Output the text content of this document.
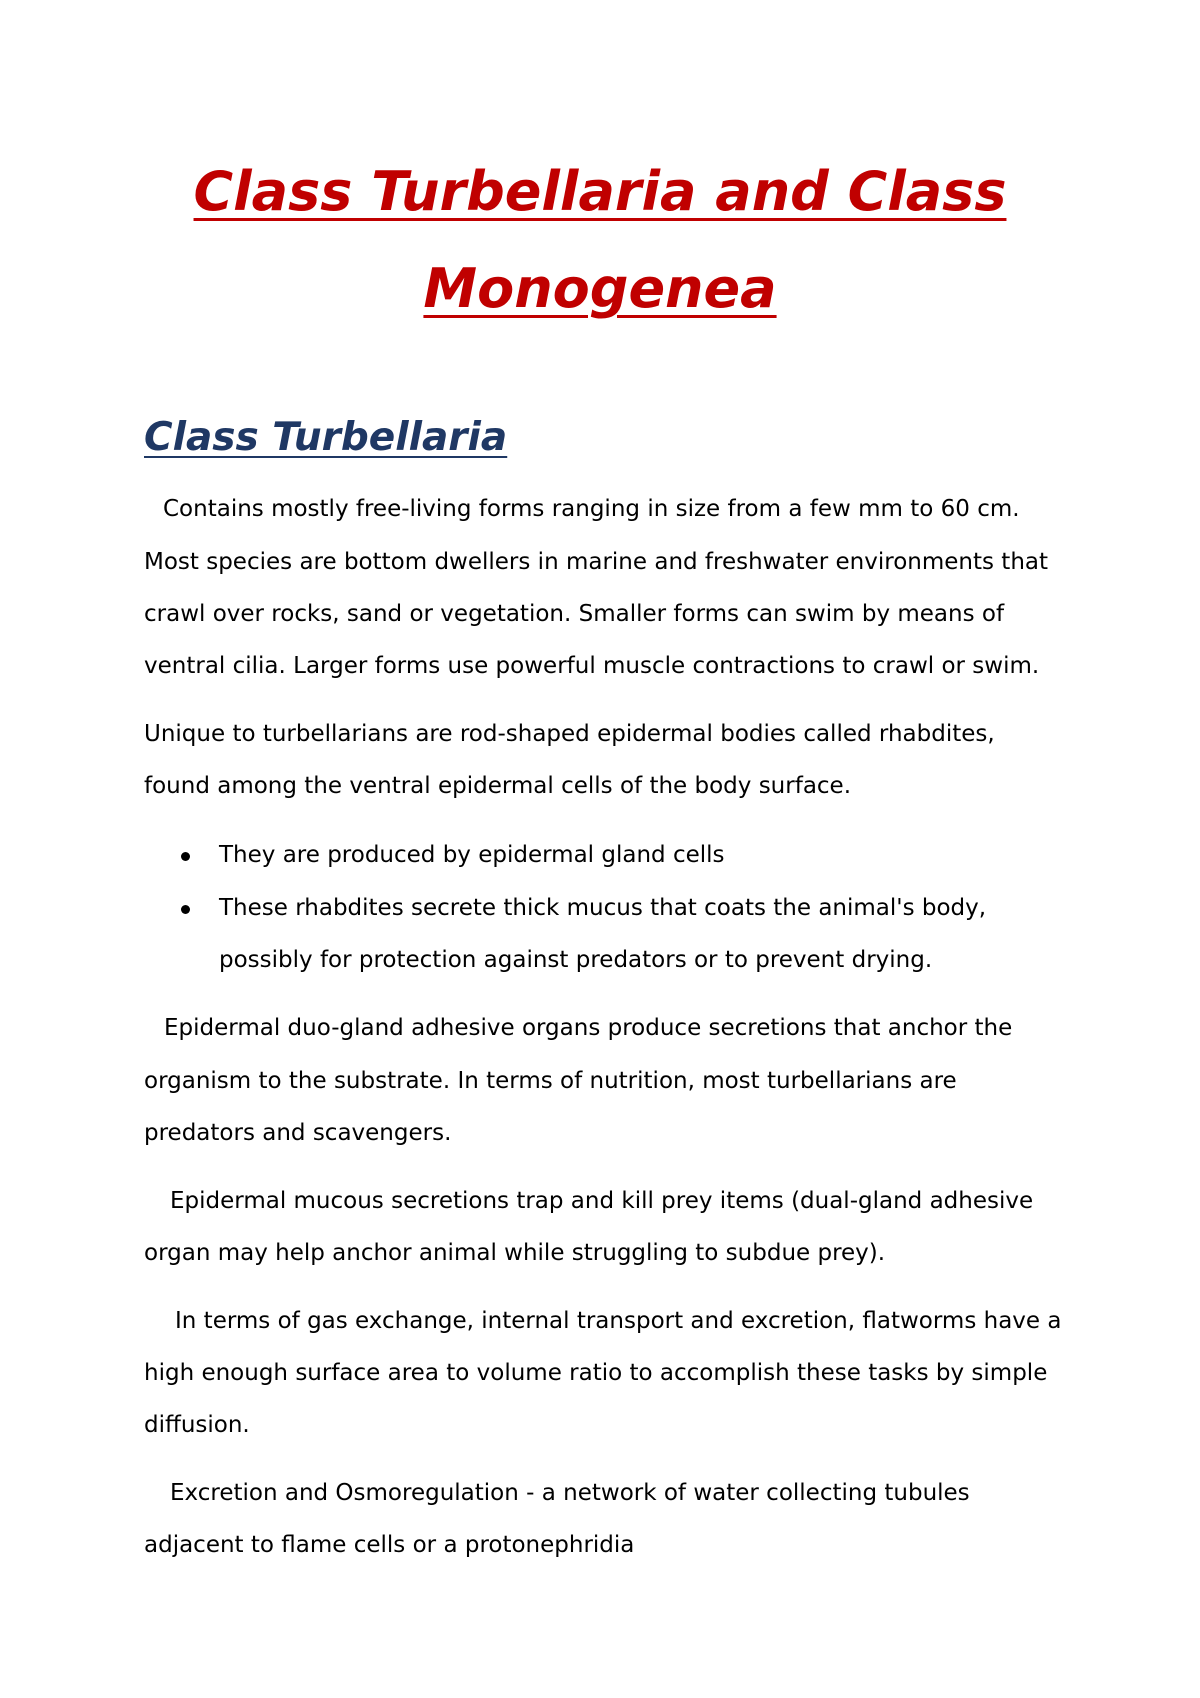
Class Turbellaria and Class
Monogenea
Class Turbellaria
Contains mostly free-living forms ranging in size from a few mm to 60 cm.
Most species are bottom dwellers in marine and freshwater environments that
crawl over rocks, sand or vegetation. Smaller forms can swim by means of
ventral cilia. Larger forms use powerful muscle contractions to crawl or swim.
Unique to turbellarians are rod-shaped epidermal bodies called rhabdites,
found among the ventral epidermal cells of the body surface.
They are produced by epidermal gland cells
These rhabdites secrete thick mucus that coats the animal's body,
possibly for protection against predators or to prevent drying.
Epidermal duo-gland adhesive organs produce secretions that anchor the
organism to the substrate. In terms of nutrition, most turbellarians are
predators and scavengers.
Epidermal mucous secretions trap and kill prey items (dual-gland adhesive
organ may help anchor animal while struggling to subdue prey).
In terms of gas exchange, internal transport and excretion, flatworms have a
high enough surface area to volume ratio to accomplish these tasks by simple
diffusion.
Excretion and Osmoregulation - a network of water collecting tubules
adjacent to flame cells or a protonephridia
